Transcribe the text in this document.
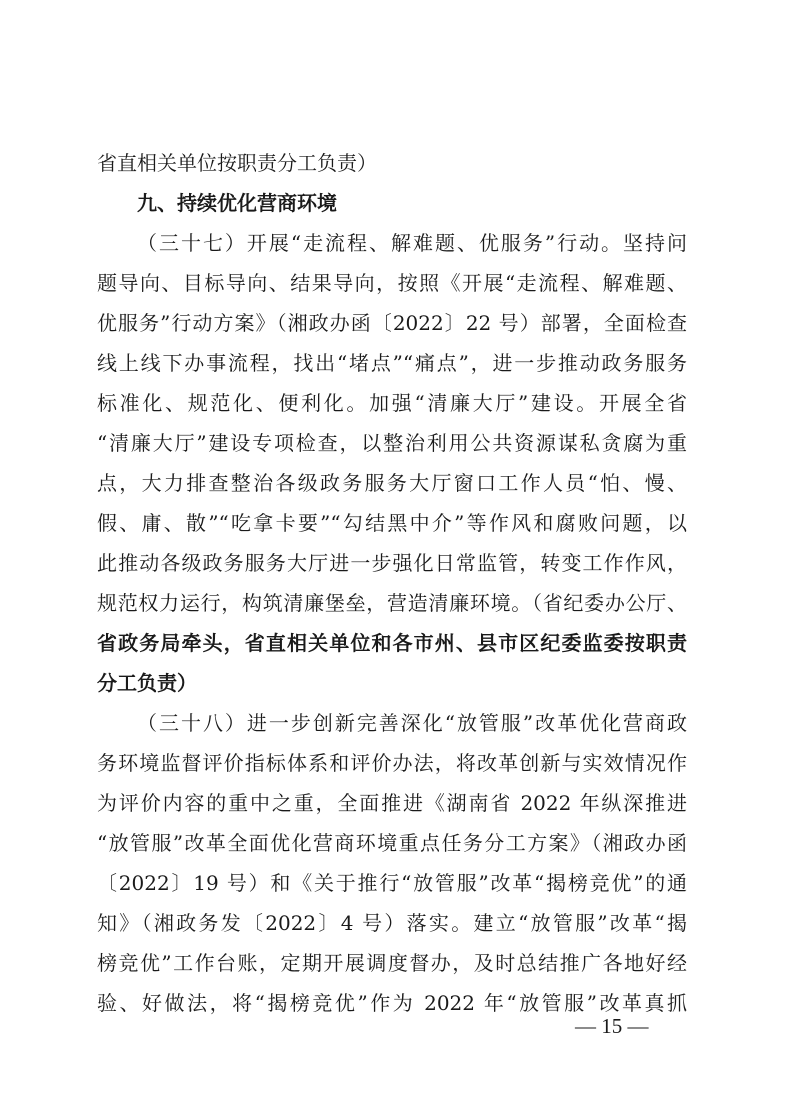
省直相关单位按职责分工负责）
九、持续优化营商环境
（三十七）开展“走流程、解难题、优服务”行动。坚持问
题导向、目标导向、结果导向，按照《开展“走流程、解难题、
优服务”行动方案》（湘政办函〔2022〕22 号）部署，全面检查
线上线下办事流程，找出“堵点”“痛点”，进一步推动政务服务
标准化、规范化、便利化。加强“清廉大厅”建设。开展全省
“清廉大厅”建设专项检查，以整治利用公共资源谋私贪腐为重
点，大力排查整治各级政务服务大厅窗口工作人员“怕、慢、
假、庸、散”“吃拿卡要”“勾结黑中介”等作风和腐败问题，以
此推动各级政务服务大厅进一步强化日常监管，转变工作作风，
规范权力运行，构筑清廉堡垒，营造清廉环境。（省纪委办公厅、
省政务局牵头，省直相关单位和各市州、县市区纪委监委按职责
分工负责）
（三十八）进一步创新完善深化“放管服”改革优化营商政
务环境监督评价指标体系和评价办法，将改革创新与实效情况作
为评价内容的重中之重，全面推进《湖南省 2022 年纵深推进
“放管服”改革全面优化营商环境重点任务分工方案》（湘政办函
〔2022〕19 号）和《关于推行“放管服”改革“揭榜竞优”的通
知》（湘政务发〔2022〕4 号）落实。建立“放管服”改革“揭
榜竞优”工作台账，定期开展调度督办，及时总结推广各地好经
验、好做法，将“揭榜竞优”作为 2022 年“放管服”改革真抓
— 15 —
